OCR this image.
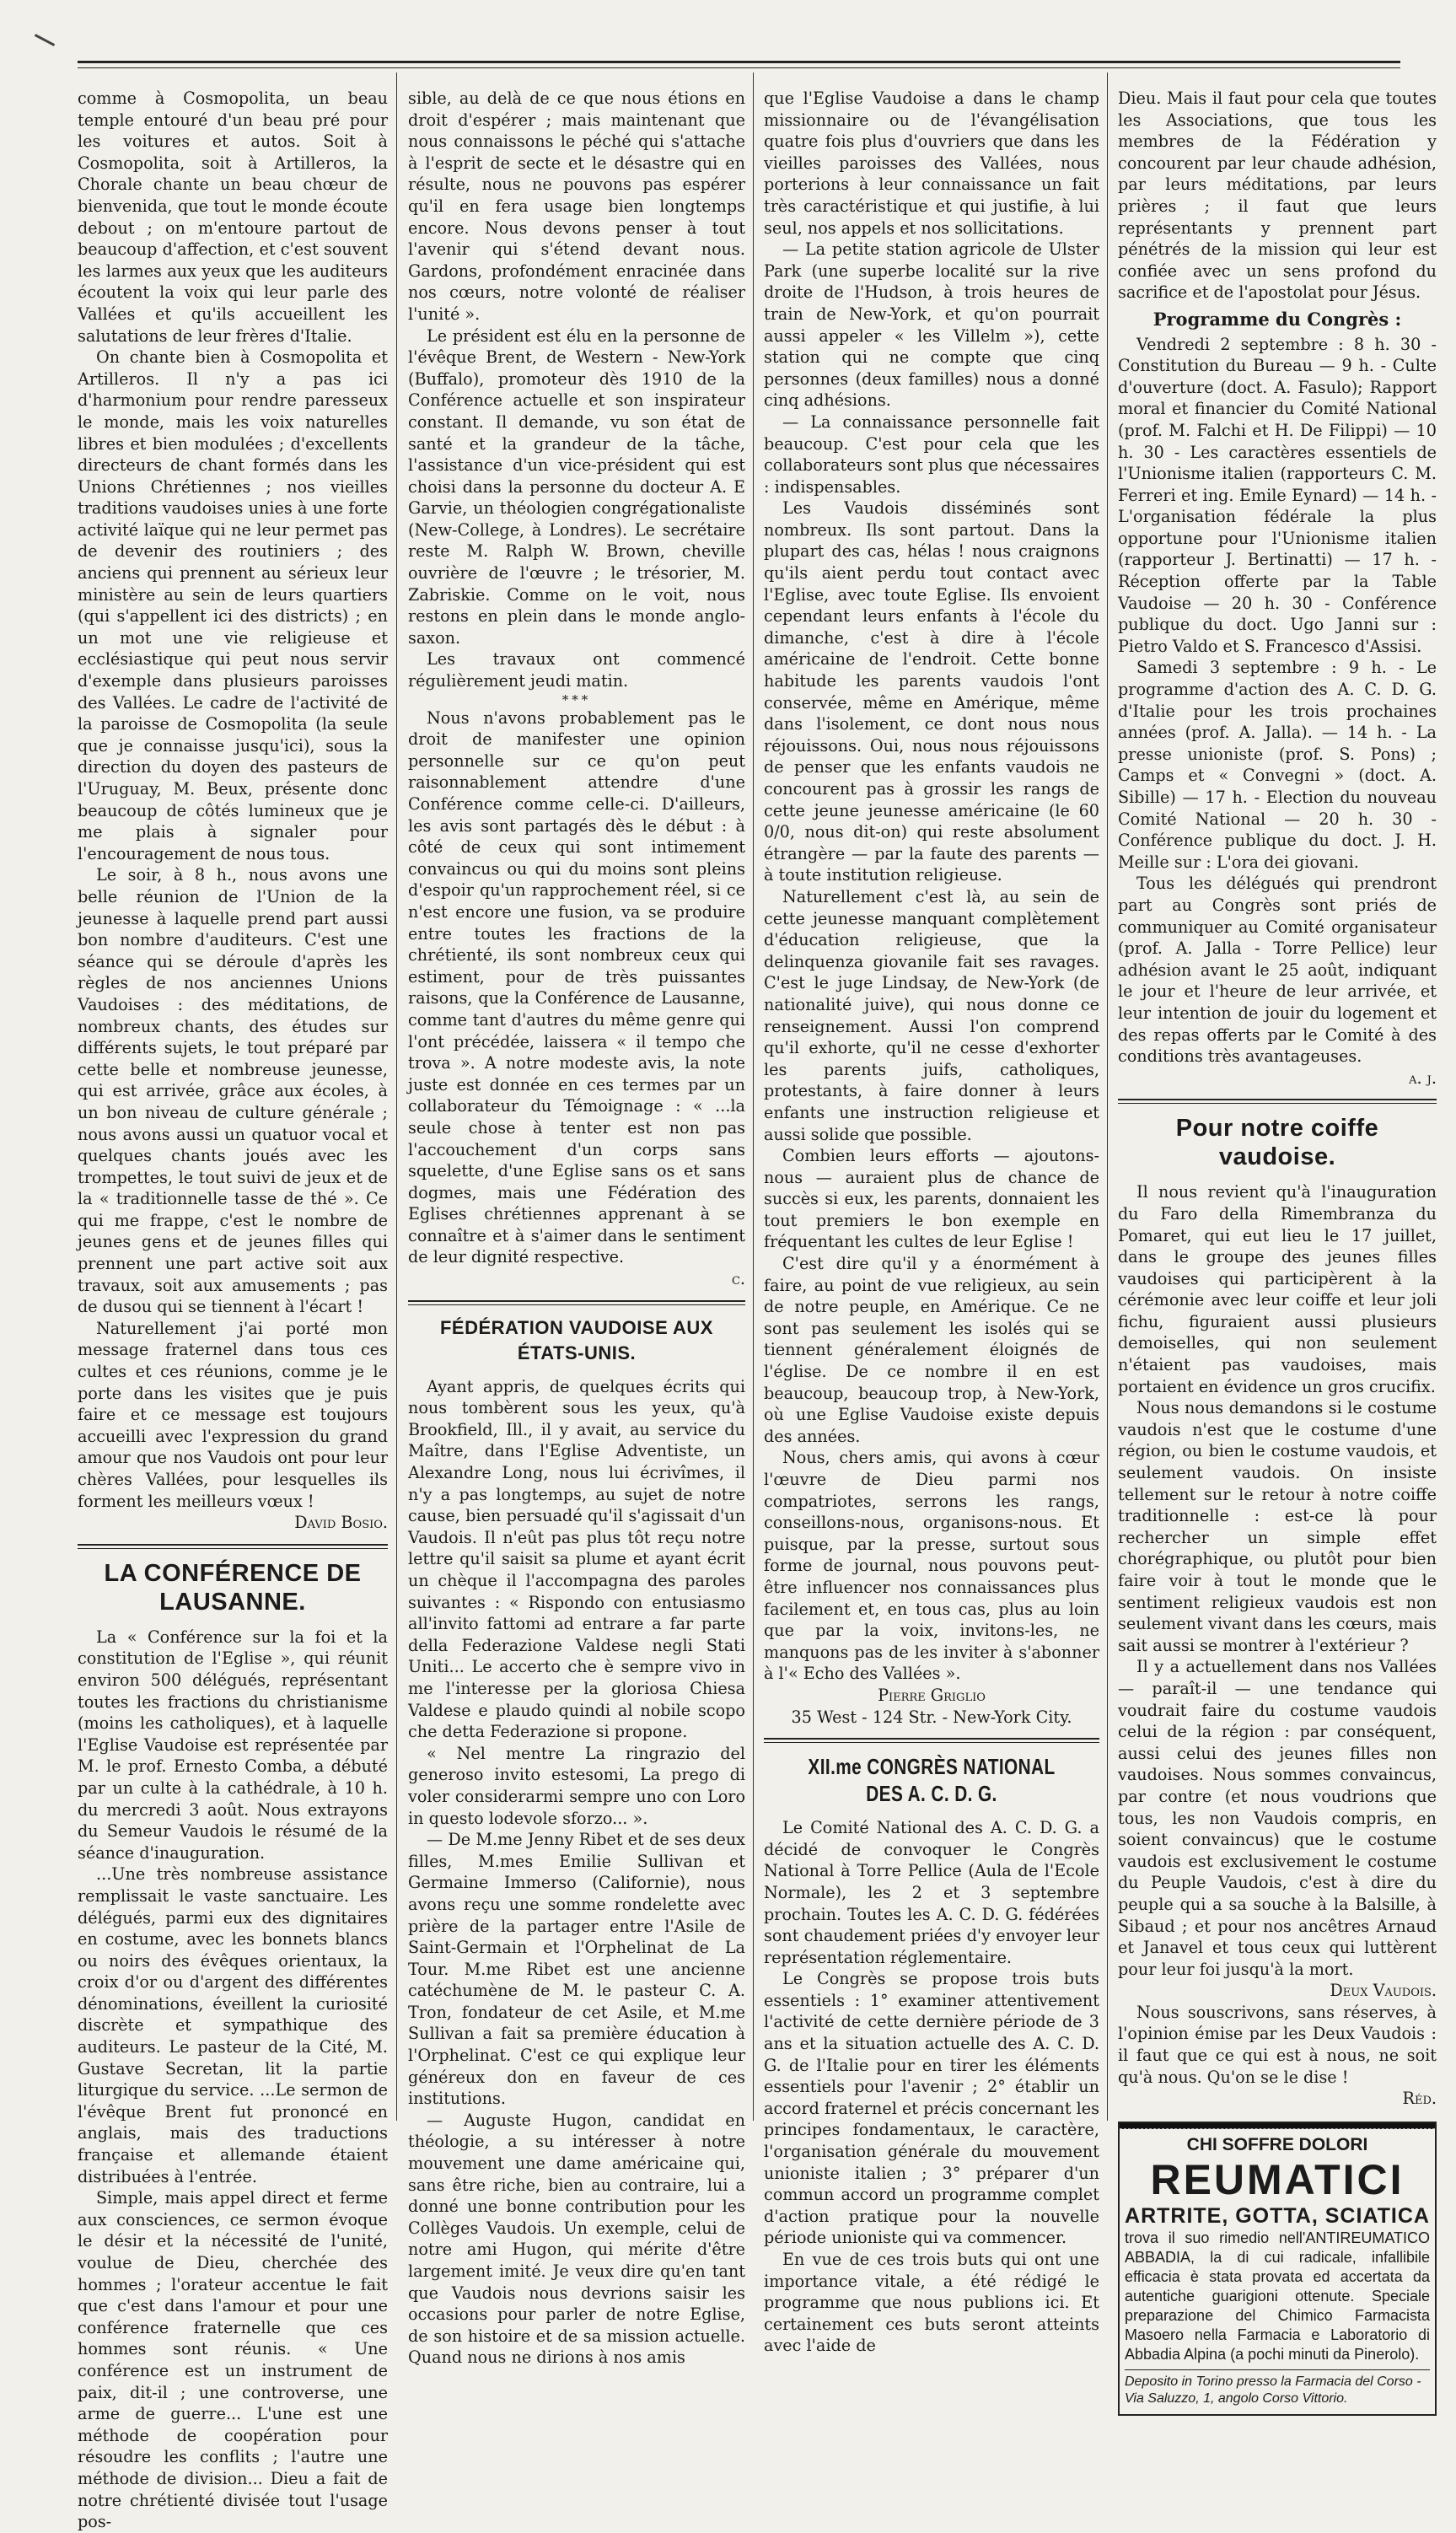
comme à Cosmopolita, un beau temple entouré d'un beau pré pour les voitures et autos. Soit à Cosmopolita, soit à Artilleros, la Chorale chante un beau chœur de bienvenida, que tout le monde écoute debout ; on m'entoure partout de beaucoup d'affection, et c'est souvent les larmes aux yeux que les auditeurs écoutent la voix qui leur parle des Vallées et qu'ils accueillent les salutations de leur frères d'Italie.

On chante bien à Cosmopolita et Artilleros. Il n'y a pas ici d'harmonium pour rendre paresseux le monde, mais les voix naturelles libres et bien modulées ; d'excellents directeurs de chant formés dans les Unions Chrétiennes ; nos vieilles traditions vaudoises unies à une forte activité laïque qui ne leur permet pas de devenir des routiniers ; des anciens qui prennent au sérieux leur ministère au sein de leurs quartiers (qui s'appellent ici des districts) ; en un mot une vie religieuse et ecclésiastique qui peut nous servir d'exemple dans plusieurs paroisses des Vallées. Le cadre de l'activité de la paroisse de Cosmopolita (la seule que je connaisse jusqu'ici), sous la direction du doyen des pasteurs de l'Uruguay, M. Beux, présente donc beaucoup de côtés lumineux que je me plais à signaler pour l'encouragement de nous tous.

Le soir, à 8 h., nous avons une belle réunion de l'Union de la jeunesse à laquelle prend part aussi bon nombre d'auditeurs. C'est une séance qui se déroule d'après les règles de nos anciennes Unions Vaudoises : des méditations, de nombreux chants, des études sur différents sujets, le tout préparé par cette belle et nombreuse jeunesse, qui est arrivée, grâce aux écoles, à un bon niveau de culture générale ; nous avons aussi un quatuor vocal et quelques chants joués avec les trompettes, le tout suivi de jeux et de la « traditionnelle tasse de thé ». Ce qui me frappe, c'est le nombre de jeunes gens et de jeunes filles qui prennent une part active soit aux travaux, soit aux amusements ; pas de dusou qui se tiennent à l'écart !

Naturellement j'ai porté mon message fraternel dans tous ces cultes et ces réunions, comme je le porte dans les visites que je puis faire et ce message est toujours accueilli avec l'expression du grand amour que nos Vaudois ont pour leur chères Vallées, pour lesquelles ils forment les meilleurs vœux !

David Bosio.
LA CONFÉRENCE DE LAUSANNE.

La « Conférence sur la foi et la constitution de l'Eglise », qui réunit environ 500 délégués, représentant toutes les fractions du christianisme (moins les catholiques), et à laquelle l'Eglise Vaudoise est représentée par M. le prof. Ernesto Comba, a débuté par un culte à la cathédrale, à 10 h. du mercredi 3 août. Nous extrayons du Semeur Vaudois le résumé de la séance d'inauguration.

...Une très nombreuse assistance remplissait le vaste sanctuaire. Les délégués, parmi eux des dignitaires en costume, avec les bonnets blancs ou noirs des évêques orientaux, la croix d'or ou d'argent des différentes dénominations, éveillent la curiosité discrète et sympathique des auditeurs. Le pasteur de la Cité, M. Gustave Secretan, lit la partie liturgique du service. ...Le sermon de l'évêque Brent fut prononcé en anglais, mais des traductions française et allemande étaient distribuées à l'entrée.

Simple, mais appel direct et ferme aux consciences, ce sermon évoque le désir et la nécessité de l'unité, voulue de Dieu, cherchée des hommes ; l'orateur accentue le fait que c'est dans l'amour et pour une conférence fraternelle que ces hommes sont réunis. « Une conférence est un instrument de paix, dit-il ; une controverse, une arme de guerre... L'une est une méthode de coopération pour résoudre les conflits ; l'autre une méthode de division... Dieu a fait de notre chrétienté divisée tout l'usage pos-

sible, au delà de ce que nous étions en droit d'espérer ; mais maintenant que nous connaissons le péché qui s'attache à l'esprit de secte et le désastre qui en résulte, nous ne pouvons pas espérer qu'il en fera usage bien longtemps encore. Nous devons penser à tout l'avenir qui s'étend devant nous. Gardons, profondément enracinée dans nos cœurs, notre volonté de réaliser l'unité ».

Le président est élu en la personne de l'évêque Brent, de Western - New-York (Buffalo), promoteur dès 1910 de la Conférence actuelle et son inspirateur constant. Il demande, vu son état de santé et la grandeur de la tâche, l'assistance d'un vice-président qui est choisi dans la personne du docteur A. E Garvie, un théologien congrégationaliste (New-College, à Londres). Le secrétaire reste M. Ralph W. Brown, cheville ouvrière de l'œuvre ; le trésorier, M. Zabriskie. Comme on le voit, nous restons en plein dans le monde anglo-saxon.

Les travaux ont commencé régulièrement jeudi matin.

***

Nous n'avons probablement pas le droit de manifester une opinion personnelle sur ce qu'on peut raisonnablement attendre d'une Conférence comme celle-ci. D'ailleurs, les avis sont partagés dès le début : à côté de ceux qui sont intimement convaincus ou qui du moins sont pleins d'espoir qu'un rapprochement réel, si ce n'est encore une fusion, va se produire entre toutes les fractions de la chrétienté, ils sont nombreux ceux qui estiment, pour de très puissantes raisons, que la Conférence de Lausanne, comme tant d'autres du même genre qui l'ont précédée, laissera « il tempo che trova ». A notre modeste avis, la note juste est donnée en ces termes par un collaborateur du Témoignage : « ...la seule chose à tenter est non pas l'accouchement d'un corps sans squelette, d'une Eglise sans os et sans dogmes, mais une Fédération des Eglises chrétiennes apprenant à se connaître et à s'aimer dans le sentiment de leur dignité respective.

c.
FÉDÉRATION VAUDOISE AUX ÉTATS-UNIS.

Ayant appris, de quelques écrits qui nous tombèrent sous les yeux, qu'à Brookfield, Ill., il y avait, au service du Maître, dans l'Eglise Adventiste, un Alexandre Long, nous lui écrivîmes, il n'y a pas longtemps, au sujet de notre cause, bien persuadé qu'il s'agissait d'un Vaudois. Il n'eût pas plus tôt reçu notre lettre qu'il saisit sa plume et ayant écrit un chèque il l'accompagna des paroles suivantes : « Rispondo con entusiasmo all'invito fattomi ad entrare a far parte della Federazione Valdese negli Stati Uniti... Le accerto che è sempre vivo in me l'interesse per la gloriosa Chiesa Valdese e plaudo quindi al nobile scopo che detta Federazione si propone.

« Nel mentre La ringrazio del generoso invito estesomi, La prego di voler considerarmi sempre uno con Loro in questo lodevole sforzo... ».

— De M.me Jenny Ribet et de ses deux filles, M.mes Emilie Sullivan et Germaine Immerso (Californie), nous avons reçu une somme rondelette avec prière de la partager entre l'Asile de Saint-Germain et l'Orphelinat de La Tour. M.me Ribet est une ancienne catéchumène de M. le pasteur C. A. Tron, fondateur de cet Asile, et M.me Sullivan a fait sa première éducation à l'Orphelinat. C'est ce qui explique leur généreux don en faveur de ces institutions.

— Auguste Hugon, candidat en théologie, a su intéresser à notre mouvement une dame américaine qui, sans être riche, bien au contraire, lui a donné une bonne contribution pour les Collèges Vaudois. Un exemple, celui de notre ami Hugon, qui mérite d'être largement imité. Je veux dire qu'en tant que Vaudois nous devrions saisir les occasions pour parler de notre Eglise, de son histoire et de sa mission actuelle. Quand nous ne dirions à nos amis

que l'Eglise Vaudoise a dans le champ missionnaire ou de l'évangélisation quatre fois plus d'ouvriers que dans les vieilles paroisses des Vallées, nous porterions à leur connaissance un fait très caractéristique et qui justifie, à lui seul, nos appels et nos sollicitations.

— La petite station agricole de Ulster Park (une superbe localité sur la rive droite de l'Hudson, à trois heures de train de New-York, et qu'on pourrait aussi appeler « les Villelm »), cette station qui ne compte que cinq personnes (deux familles) nous a donné cinq adhésions.

— La connaissance personnelle fait beaucoup. C'est pour cela que les collaborateurs sont plus que nécessaires : indispensables.

Les Vaudois disséminés sont nombreux. Ils sont partout. Dans la plupart des cas, hélas ! nous craignons qu'ils aient perdu tout contact avec l'Eglise, avec toute Eglise. Ils envoient cependant leurs enfants à l'école du dimanche, c'est à dire à l'école américaine de l'endroit. Cette bonne habitude les parents vaudois l'ont conservée, même en Amérique, même dans l'isolement, ce dont nous nous réjouissons. Oui, nous nous réjouissons de penser que les enfants vaudois ne concourent pas à grossir les rangs de cette jeune jeunesse américaine (le 60 0/0, nous dit-on) qui reste absolument étrangère — par la faute des parents — à toute institution religieuse.

Naturellement c'est là, au sein de cette jeunesse manquant complètement d'éducation religieuse, que la delinquenza giovanile fait ses ravages. C'est le juge Lindsay, de New-York (de nationalité juive), qui nous donne ce renseignement. Aussi l'on comprend qu'il exhorte, qu'il ne cesse d'exhorter les parents juifs, catholiques, protestants, à faire donner à leurs enfants une instruction religieuse et aussi solide que possible.

Combien leurs efforts — ajoutons-nous — auraient plus de chance de succès si eux, les parents, donnaient les tout premiers le bon exemple en fréquentant les cultes de leur Eglise !

C'est dire qu'il y a énormément à faire, au point de vue religieux, au sein de notre peuple, en Amérique. Ce ne sont pas seulement les isolés qui se tiennent généralement éloignés de l'église. De ce nombre il en est beaucoup, beaucoup trop, à New-York, où une Eglise Vaudoise existe depuis des années.

Nous, chers amis, qui avons à cœur l'œuvre de Dieu parmi nos compatriotes, serrons les rangs, conseillons-nous, organisons-nous. Et puisque, par la presse, surtout sous forme de journal, nous pouvons peut-être influencer nos connaissances plus facilement et, en tous cas, plus au loin que par la voix, invitons-les, ne manquons pas de les inviter à s'abonner à l'« Echo des Vallées ».

Pierre Griglio
35 West - 124 Str. - New-York City.
XII.me CONGRÈS NATIONAL DES A. C. D. G.

Le Comité National des A. C. D. G. a décidé de convoquer le Congrès National à Torre Pellice (Aula de l'Ecole Normale), les 2 et 3 septembre prochain. Toutes les A. C. D. G. fédérées sont chaudement priées d'y envoyer leur représentation réglementaire.

Le Congrès se propose trois buts essentiels : 1° examiner attentivement l'activité de cette dernière période de 3 ans et la situation actuelle des A. C. D. G. de l'Italie pour en tirer les éléments essentiels pour l'avenir ; 2° établir un accord fraternel et précis concernant les principes fondamentaux, le caractère, l'organisation générale du mouvement unioniste italien ; 3° préparer d'un commun accord un programme complet d'action pratique pour la nouvelle période unioniste qui va commencer.

En vue de ces trois buts qui ont une importance vitale, a été rédigé le programme que nous publions ici. Et certainement ces buts seront atteints avec l'aide de

Dieu. Mais il faut pour cela que toutes les Associations, que tous les membres de la Fédération y concourent par leur chaude adhésion, par leurs méditations, par leurs prières ; il faut que leurs représentants y prennent part pénétrés de la mission qui leur est confiée avec un sens profond du sacrifice et de l'apostolat pour Jésus.

Programme du Congrès :

Vendredi 2 septembre : 8 h. 30 - Constitution du Bureau — 9 h. - Culte d'ouverture (doct. A. Fasulo); Rapport moral et financier du Comité National (prof. M. Falchi et H. De Filippi) — 10 h. 30 - Les caractères essentiels de l'Unionisme italien (rapporteurs C. M. Ferreri et ing. Emile Eynard) — 14 h. - L'organisation fédérale la plus opportune pour l'Unionisme italien (rapporteur J. Bertinatti) — 17 h. - Réception offerte par la Table Vaudoise — 20 h. 30 - Conférence publique du doct. Ugo Janni sur : Pietro Valdo et S. Francesco d'Assisi.

Samedi 3 septembre : 9 h. - Le programme d'action des A. C. D. G. d'Italie pour les trois prochaines années (prof. A. Jalla). — 14 h. - La presse unioniste (prof. S. Pons) ; Camps et « Convegni » (doct. A. Sibille) — 17 h. - Election du nouveau Comité National — 20 h. 30 - Conférence publique du doct. J. H. Meille sur : L'ora dei giovani.

Tous les délégués qui prendront part au Congrès sont priés de communiquer au Comité organisateur (prof. A. Jalla - Torre Pellice) leur adhésion avant le 25 août, indiquant le jour et l'heure de leur arrivée, et leur intention de jouir du logement et des repas offerts par le Comité à des conditions très avantageuses.

a. j.
Pour notre coiffe vaudoise.

Il nous revient qu'à l'inauguration du Faro della Rimembranza du Pomaret, qui eut lieu le 17 juillet, dans le groupe des jeunes filles vaudoises qui participèrent à la cérémonie avec leur coiffe et leur joli fichu, figuraient aussi plusieurs demoiselles, qui non seulement n'étaient pas vaudoises, mais portaient en évidence un gros crucifix.

Nous nous demandons si le costume vaudois n'est que le costume d'une région, ou bien le costume vaudois, et seulement vaudois. On insiste tellement sur le retour à notre coiffe traditionnelle : est-ce là pour rechercher un simple effet chorégraphique, ou plutôt pour bien faire voir à tout le monde que le sentiment religieux vaudois est non seulement vivant dans les cœurs, mais sait aussi se montrer à l'extérieur ?

Il y a actuellement dans nos Vallées — paraît-il — une tendance qui voudrait faire du costume vaudois celui de la région : par conséquent, aussi celui des jeunes filles non vaudoises. Nous sommes convaincus, par contre (et nous voudrions que tous, les non Vaudois compris, en soient convaincus) que le costume vaudois est exclusivement le costume du Peuple Vaudois, c'est à dire du peuple qui a sa souche à la Balsille, à Sibaud ; et pour nos ancêtres Arnaud et Janavel et tous ceux qui luttèrent pour leur foi jusqu'à la mort.

Deux Vaudois.

Nous souscrivons, sans réserves, à l'opinion émise par les Deux Vaudois : il faut que ce qui est à nous, ne soit qu'à nous. Qu'on se le dise !

Réd.
CHI SOFFRE DOLORI
REUMATICI
ARTRITE, GOTTA, SCIATICA
trova il suo rimedio nell'ANTIREUMATICO ABBADIA, la di cui radicale, infallibile efficacia è stata provata ed accertata da autentiche guarigioni ottenute. Speciale preparazione del Chimico Farmacista Masoero nella Farmacia e Laboratorio di Abbadia Alpina (a pochi minuti da Pinerolo).
Deposito in Torino presso la Farmacia del Corso - Via Saluzzo, 1, angolo Corso Vittorio.
